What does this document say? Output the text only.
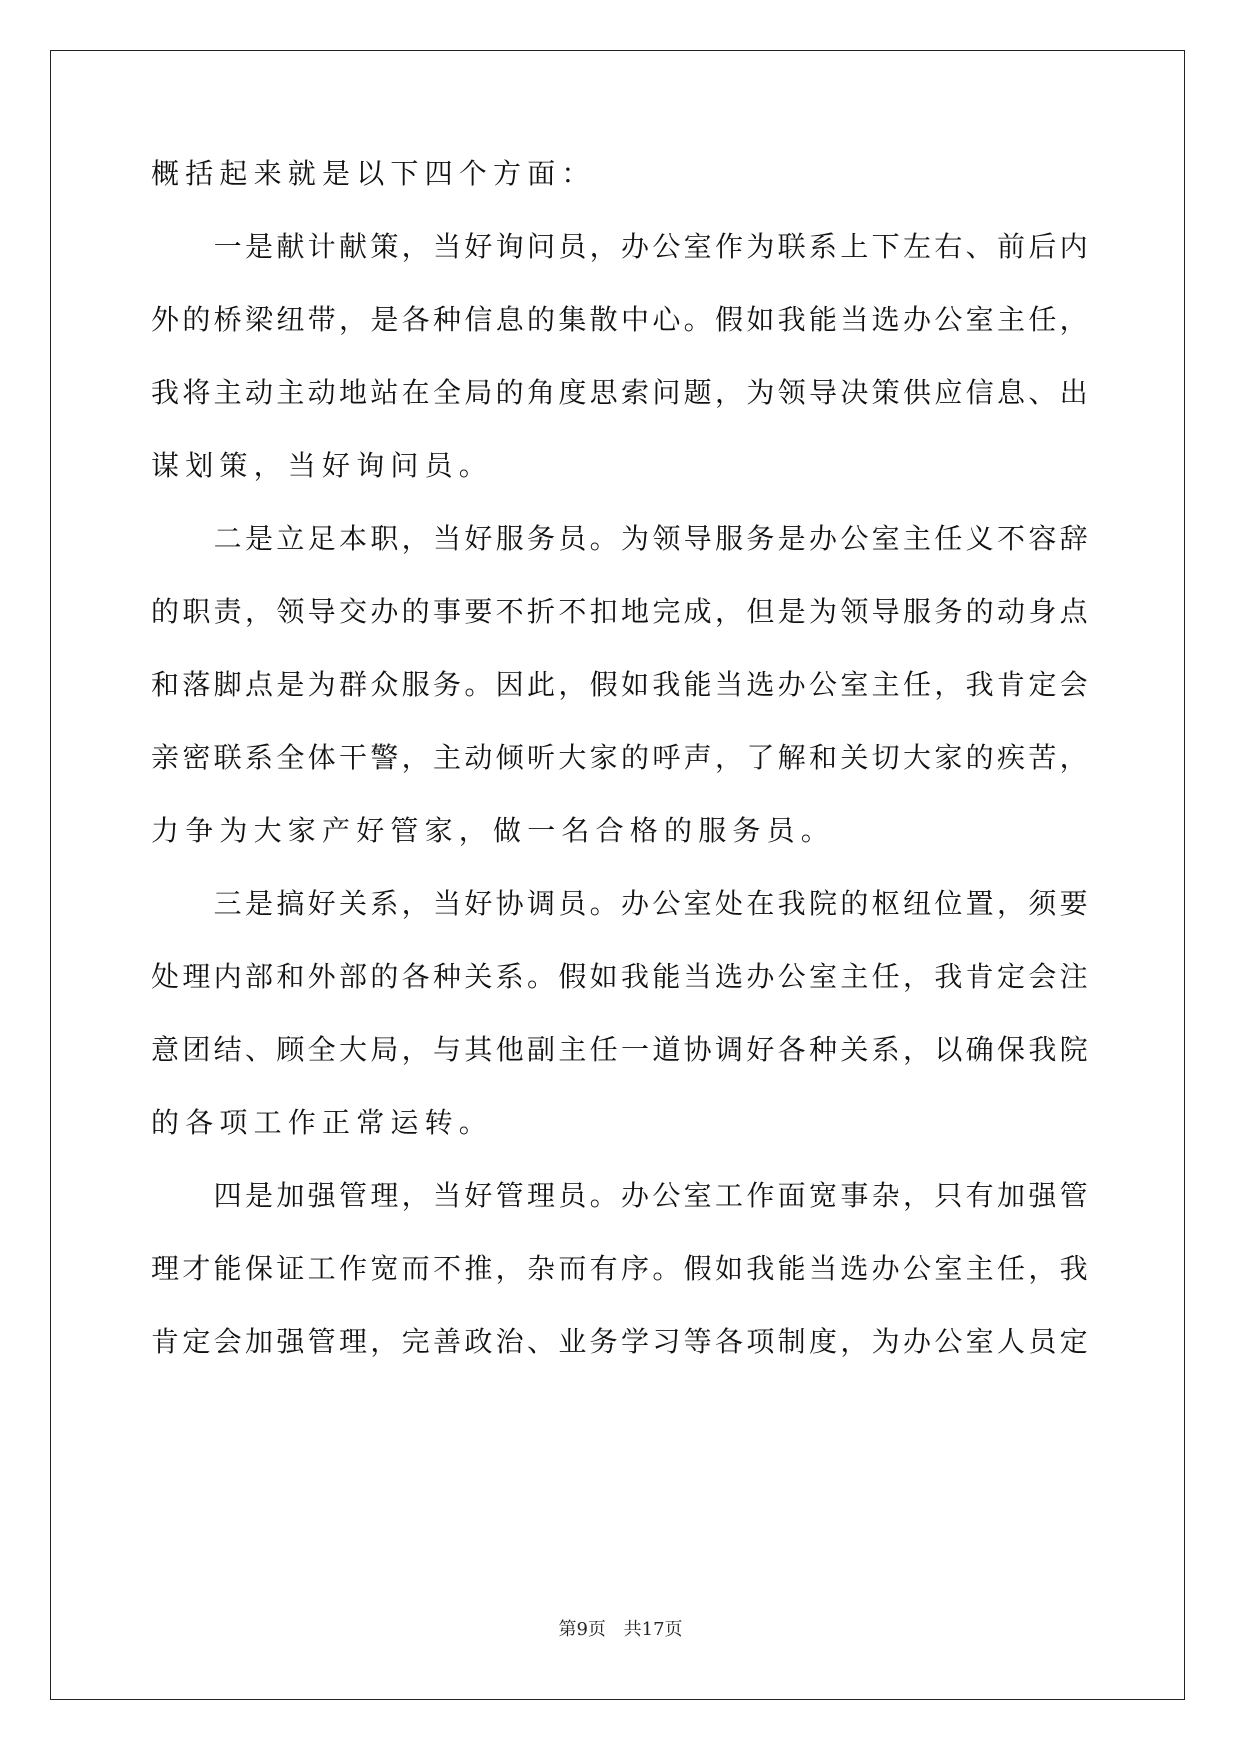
概括起来就是以下四个方面：
　　一是献计献策，当好询问员，办公室作为联系上下左右、前后内
外的桥梁纽带，是各种信息的集散中心。假如我能当选办公室主任，
我将主动主动地站在全局的角度思索问题，为领导决策供应信息、出
谋划策，当好询问员。
　　二是立足本职，当好服务员。为领导服务是办公室主任义不容辞
的职责，领导交办的事要不折不扣地完成，但是为领导服务的动身点
和落脚点是为群众服务。因此，假如我能当选办公室主任，我肯定会
亲密联系全体干警，主动倾听大家的呼声，了解和关切大家的疾苦，
力争为大家产好管家，做一名合格的服务员。
　　三是搞好关系，当好协调员。办公室处在我院的枢纽位置，须要
处理内部和外部的各种关系。假如我能当选办公室主任，我肯定会注
意团结、顾全大局，与其他副主任一道协调好各种关系，以确保我院
的各项工作正常运转。
　　四是加强管理，当好管理员。办公室工作面宽事杂，只有加强管
理才能保证工作宽而不推，杂而有序。假如我能当选办公室主任，我
肯定会加强管理，完善政治、业务学习等各项制度，为办公室人员定
第9页 共17页
